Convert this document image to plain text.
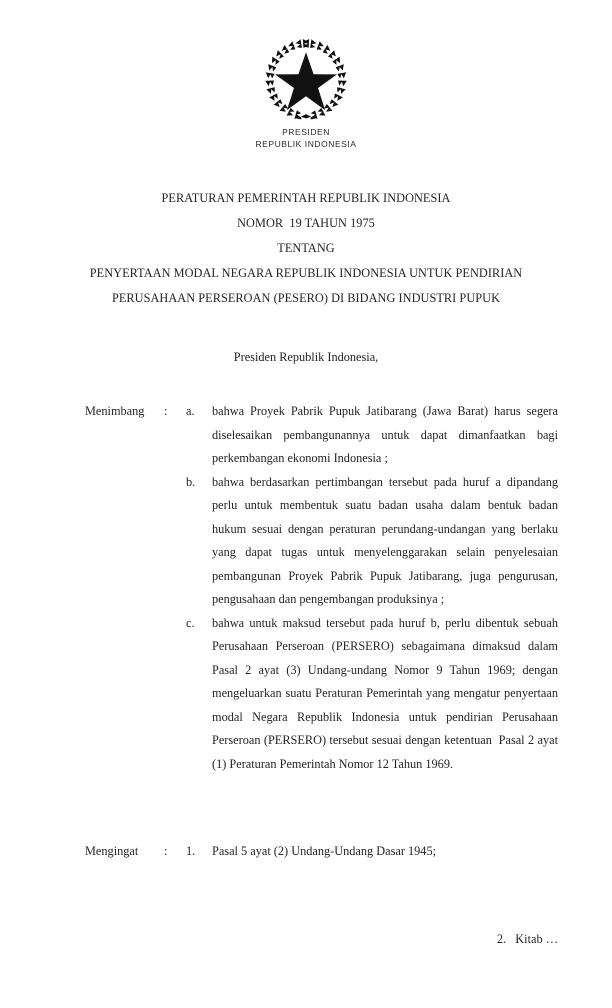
PRESIDEN
REPUBLIK INDONESIA
PERATURAN PEMERINTAH REPUBLIK INDONESIA
NOMOR  19 TAHUN 1975
TENTANG
PENYERTAAN MODAL NEGARA REPUBLIK INDONESIA UNTUK PENDIRIAN
PERUSAHAAN PERSEROAN (PESERO) DI BIDANG INDUSTRI PUPUK
Presiden Republik Indonesia,
Menimbang	:	a.	bahwa Proyek Pabrik Pupuk Jatibarang (Jawa Barat) harus segera diselesaikan pembangunannya untuk dapat dimanfaatkan bagi perkembangan ekonomi Indonesia ;
b.	bahwa berdasarkan pertimbangan tersebut pada huruf a dipandang perlu untuk membentuk suatu badan usaha dalam bentuk badan hukum sesuai dengan peraturan perundang-undangan yang berlaku yang dapat tugas untuk menyelenggarakan selain penyelesaian pembangunan Proyek Pabrik Pupuk Jatibarang, juga pengurusan, pengusahaan dan pengembangan produksinya ;
c.	bahwa untuk maksud tersebut pada huruf b, perlu dibentuk sebuah Perusahaan Perseroan (PERSERO) sebagaimana dimaksud dalam  Pasal 2 ayat (3) Undang-undang Nomor 9 Tahun 1969; dengan mengeluarkan suatu Peraturan Pemerintah yang mengatur penyertaan modal Negara Republik Indonesia untuk pendirian Perusahaan Perseroan (PERSERO) tersebut sesuai dengan ketentuan  Pasal 2 ayat (1) Peraturan Pemerintah Nomor 12 Tahun 1969.
Mengingat	:	1.	Pasal 5 ayat (2) Undang-Undang Dasar 1945;
2.   Kitab …
